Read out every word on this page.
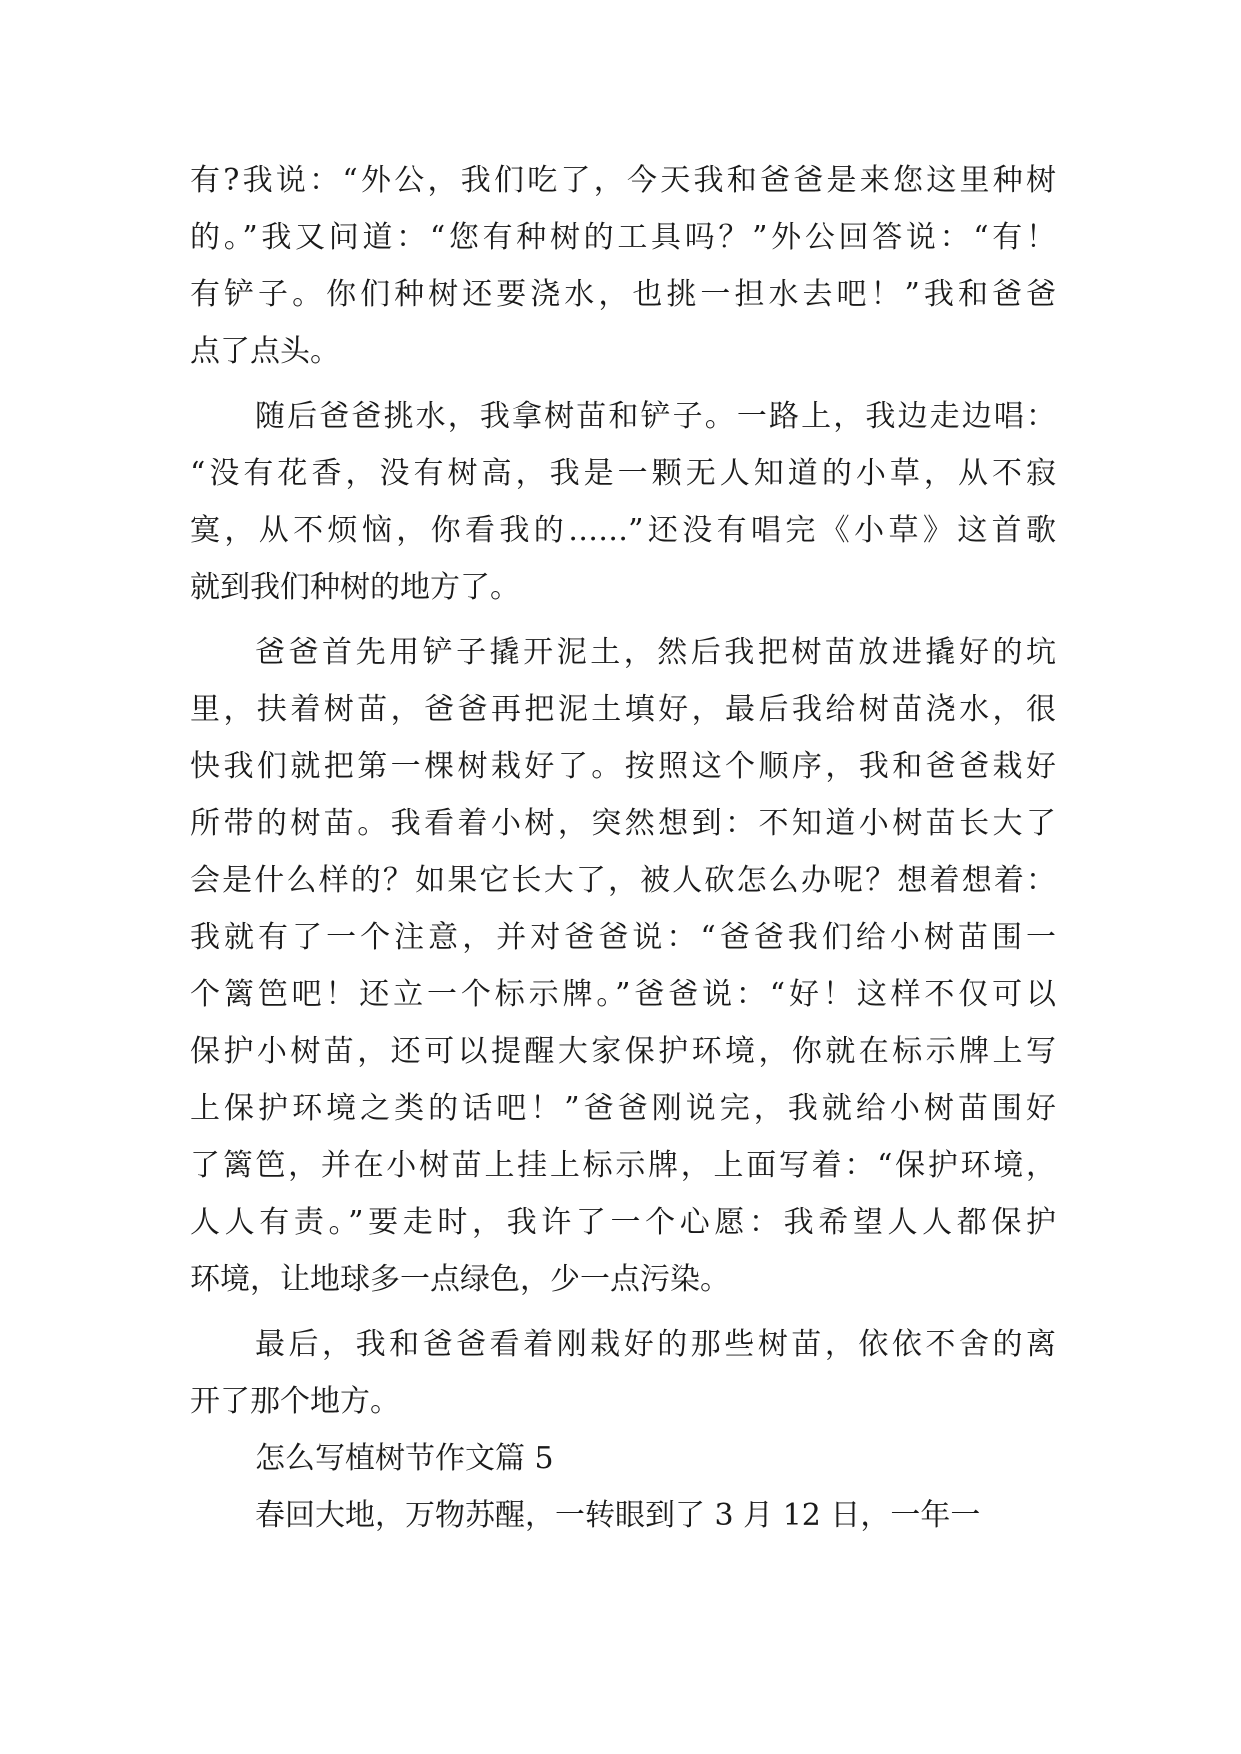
有?我说：“外公，我们吃了，今天我和爸爸是来您这里种树
的。”我又问道：“您有种树的工具吗？”外公回答说：“有！
有铲子。你们种树还要浇水，也挑一担水去吧！”我和爸爸
点了点头。
随后爸爸挑水，我拿树苗和铲子。一路上，我边走边唱：
“没有花香，没有树高，我是一颗无人知道的小草，从不寂
寞，从不烦恼，你看我的……”还没有唱完《小草》这首歌
就到我们种树的地方了。
爸爸首先用铲子撬开泥土，然后我把树苗放进撬好的坑
里，扶着树苗，爸爸再把泥土填好，最后我给树苗浇水，很
快我们就把第一棵树栽好了。按照这个顺序，我和爸爸栽好
所带的树苗。我看着小树，突然想到：不知道小树苗长大了
会是什么样的？如果它长大了，被人砍怎么办呢？想着想着：
我就有了一个注意，并对爸爸说：“爸爸我们给小树苗围一
个篱笆吧！还立一个标示牌。”爸爸说：“好！这样不仅可以
保护小树苗，还可以提醒大家保护环境，你就在标示牌上写
上保护环境之类的话吧！”爸爸刚说完，我就给小树苗围好
了篱笆，并在小树苗上挂上标示牌，上面写着：“保护环境，
人人有责。”要走时，我许了一个心愿：我希望人人都保护
环境，让地球多一点绿色，少一点污染。
最后，我和爸爸看着刚栽好的那些树苗，依依不舍的离
开了那个地方。
怎么写植树节作文篇 5
春回大地，万物苏醒，一转眼到了 3 月 12 日，一年一
